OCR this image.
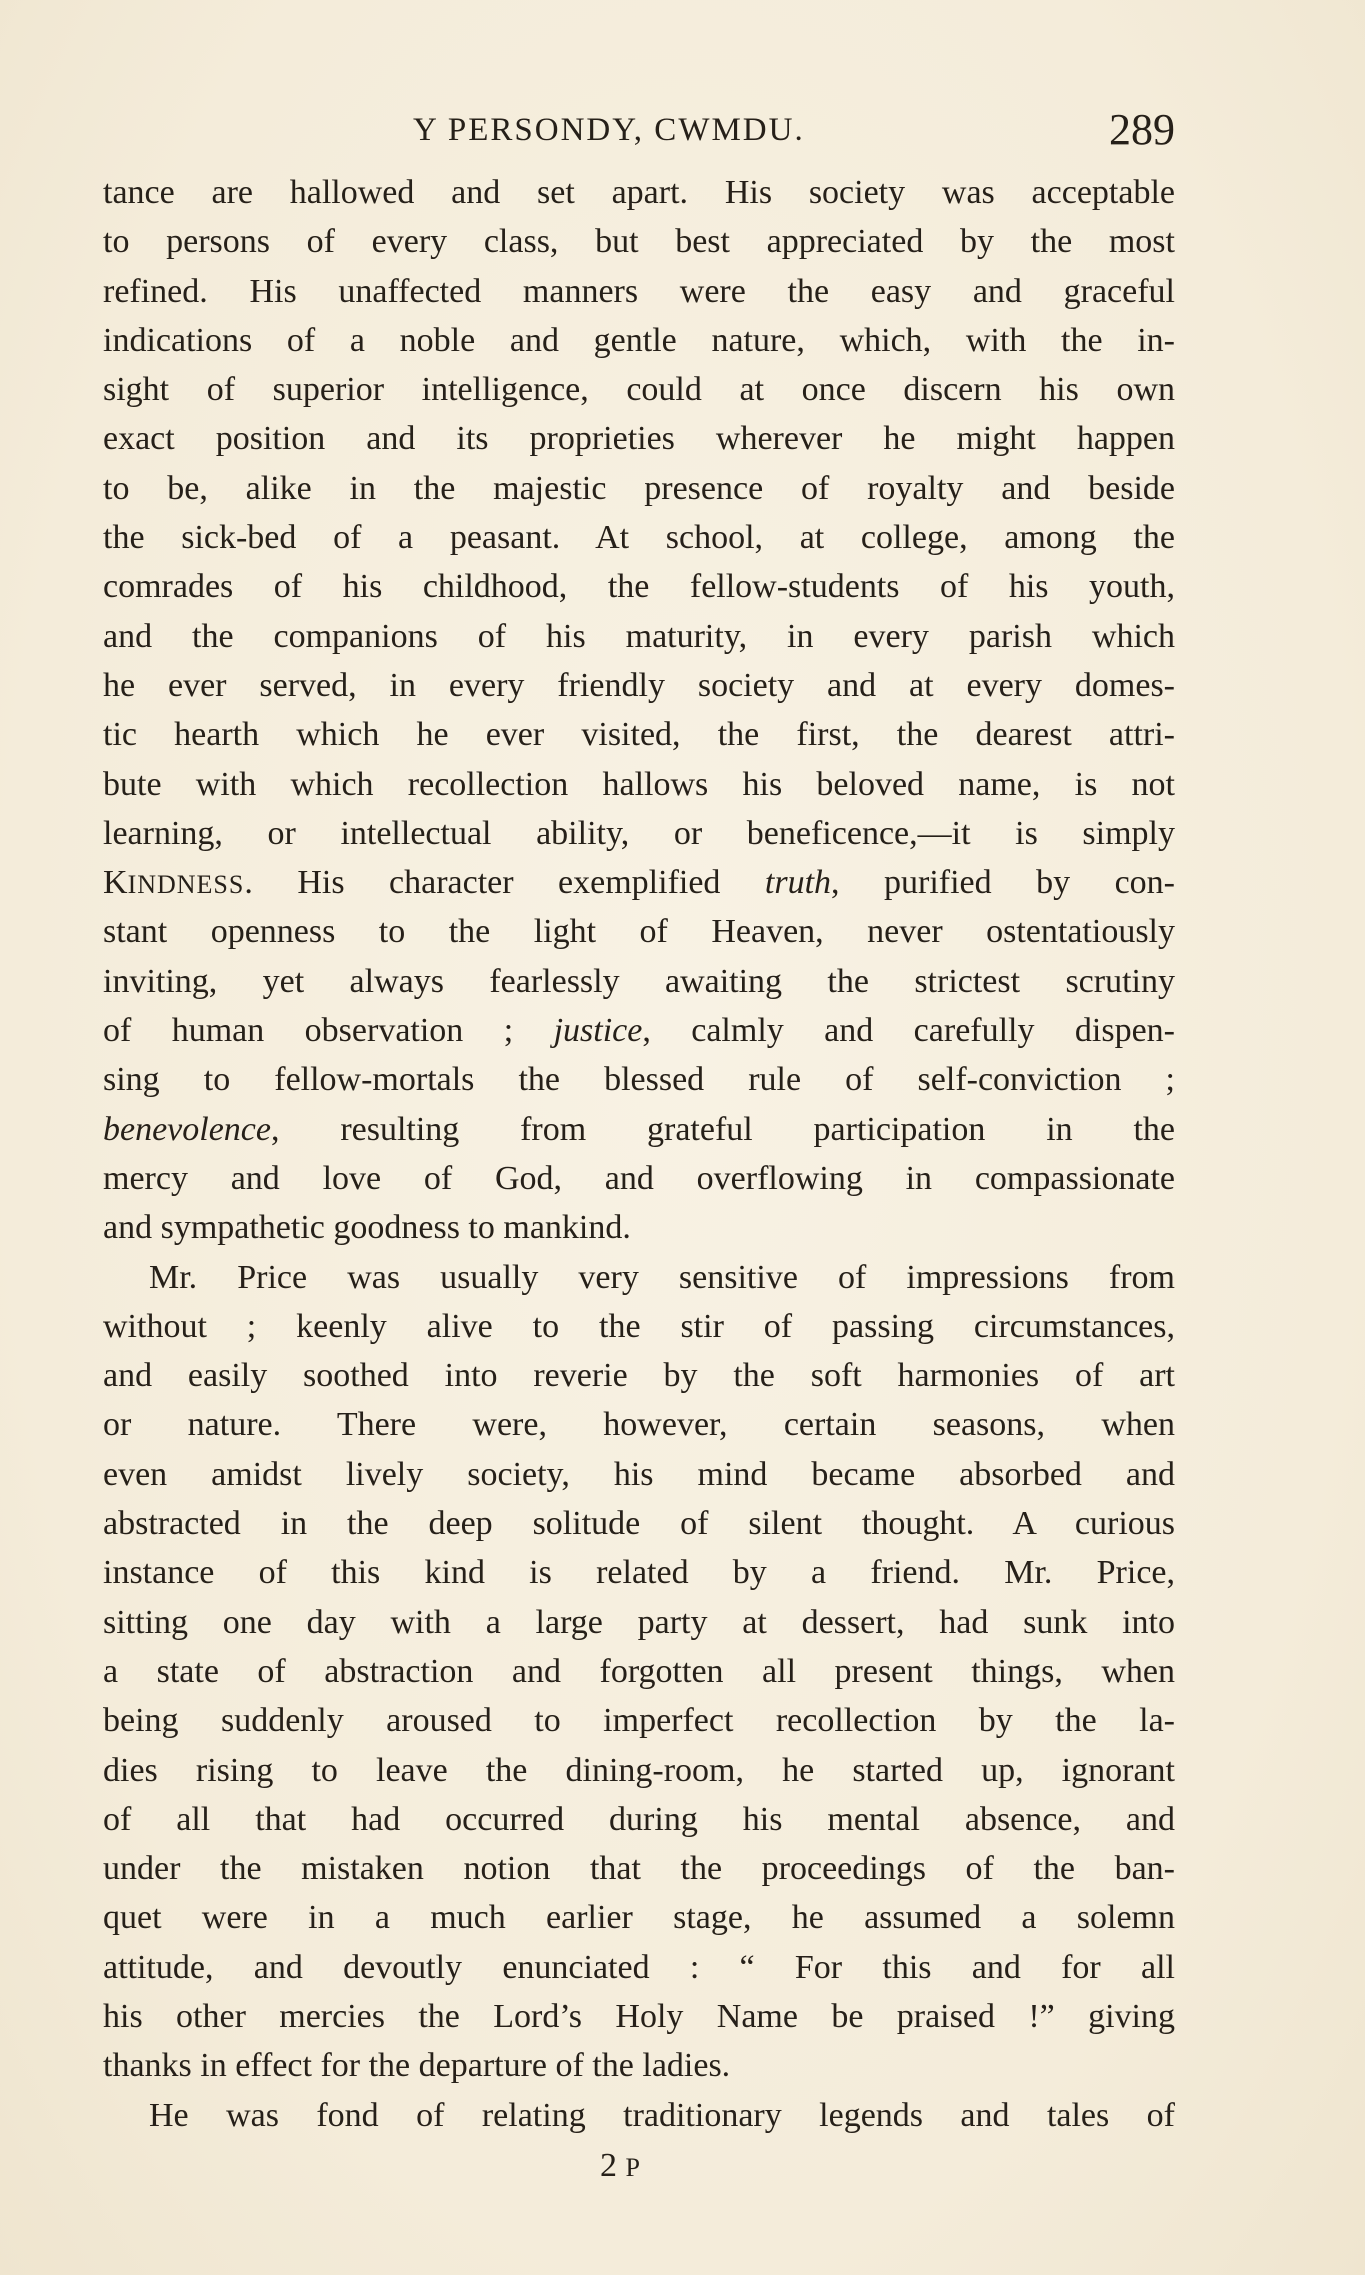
Y PERSONDY, CWMDU.	289
tance are hallowed and set apart. His society was acceptable
to persons of every class, but best appreciated by the most
refined. His unaffected manners were the easy and graceful
indications of a noble and gentle nature, which, with the in-
sight of superior intelligence, could at once discern his own
exact position and its proprieties wherever he might happen
to be, alike in the majestic presence of royalty and beside
the sick-bed of a peasant. At school, at college, among the
comrades of his childhood, the fellow-students of his youth,
and the companions of his maturity, in every parish which
he ever served, in every friendly society and at every domes-
tic hearth which he ever visited, the first, the dearest attri-
bute with which recollection hallows his beloved name, is not
learning, or intellectual ability, or beneficence,—it is simply
KINDNESS. His character exemplified truth, purified by con-
stant openness to the light of Heaven, never ostentatiously
inviting, yet always fearlessly awaiting the strictest scrutiny
of human observation ; justice, calmly and carefully dispen-
sing to fellow-mortals the blessed rule of self-conviction ;
benevolence, resulting from grateful participation in the
mercy and love of God, and overflowing in compassionate
and sympathetic goodness to mankind.
Mr. Price was usually very sensitive of impressions from
without ; keenly alive to the stir of passing circumstances,
and easily soothed into reverie by the soft harmonies of art
or nature. There were, however, certain seasons, when
even amidst lively society, his mind became absorbed and
abstracted in the deep solitude of silent thought. A curious
instance of this kind is related by a friend. Mr. Price,
sitting one day with a large party at dessert, had sunk into
a state of abstraction and forgotten all present things, when
being suddenly aroused to imperfect recollection by the la-
dies rising to leave the dining-room, he started up, ignorant
of all that had occurred during his mental absence, and
under the mistaken notion that the proceedings of the ban-
quet were in a much earlier stage, he assumed a solemn
attitude, and devoutly enunciated : “ For this and for all
his other mercies the Lord’s Holy Name be praised !” giving
thanks in effect for the departure of the ladies.
He was fond of relating traditionary legends and tales of
2 P
